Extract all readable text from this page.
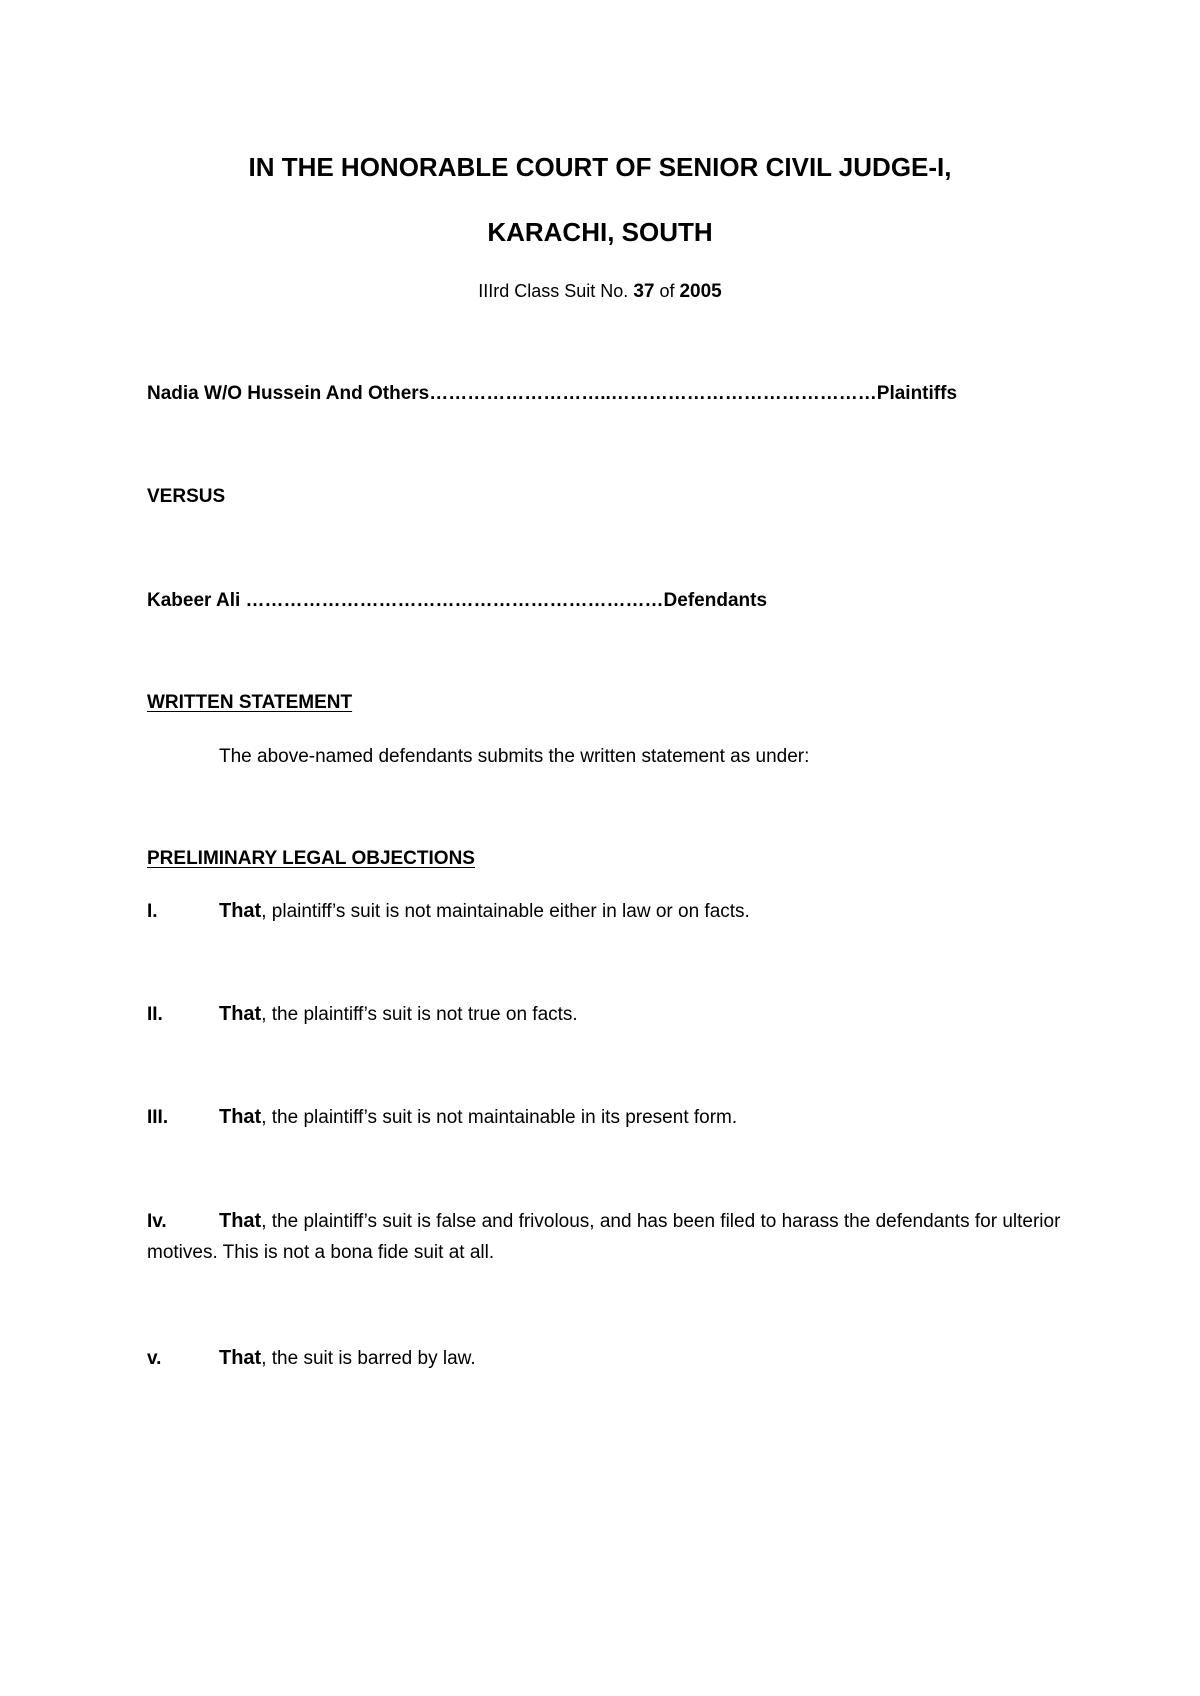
IN THE HONORABLE COURT OF SENIOR CIVIL JUDGE-I,
KARACHI, SOUTH
IIIrd Class Suit No. 37 of 2005
Nadia W/O Hussein And Others………………………..……………………………………Plaintiffs
VERSUS
Kabeer Ali …………………………………………………………Defendants
WRITTEN STATEMENT
The above-named defendants submits the written statement as under:
PRELIMINARY LEGAL OBJECTIONS
I.	That, plaintiff’s suit is not maintainable either in law or on facts.
II.	That, the plaintiff’s suit is not true on facts.
III.	That, the plaintiff’s suit is not maintainable in its present form.
Iv.	That, the plaintiff’s suit is false and frivolous, and has been filed to harass the defendants for ulterior motives. This is not a bona fide suit at all.
v.	That, the suit is barred by law.
